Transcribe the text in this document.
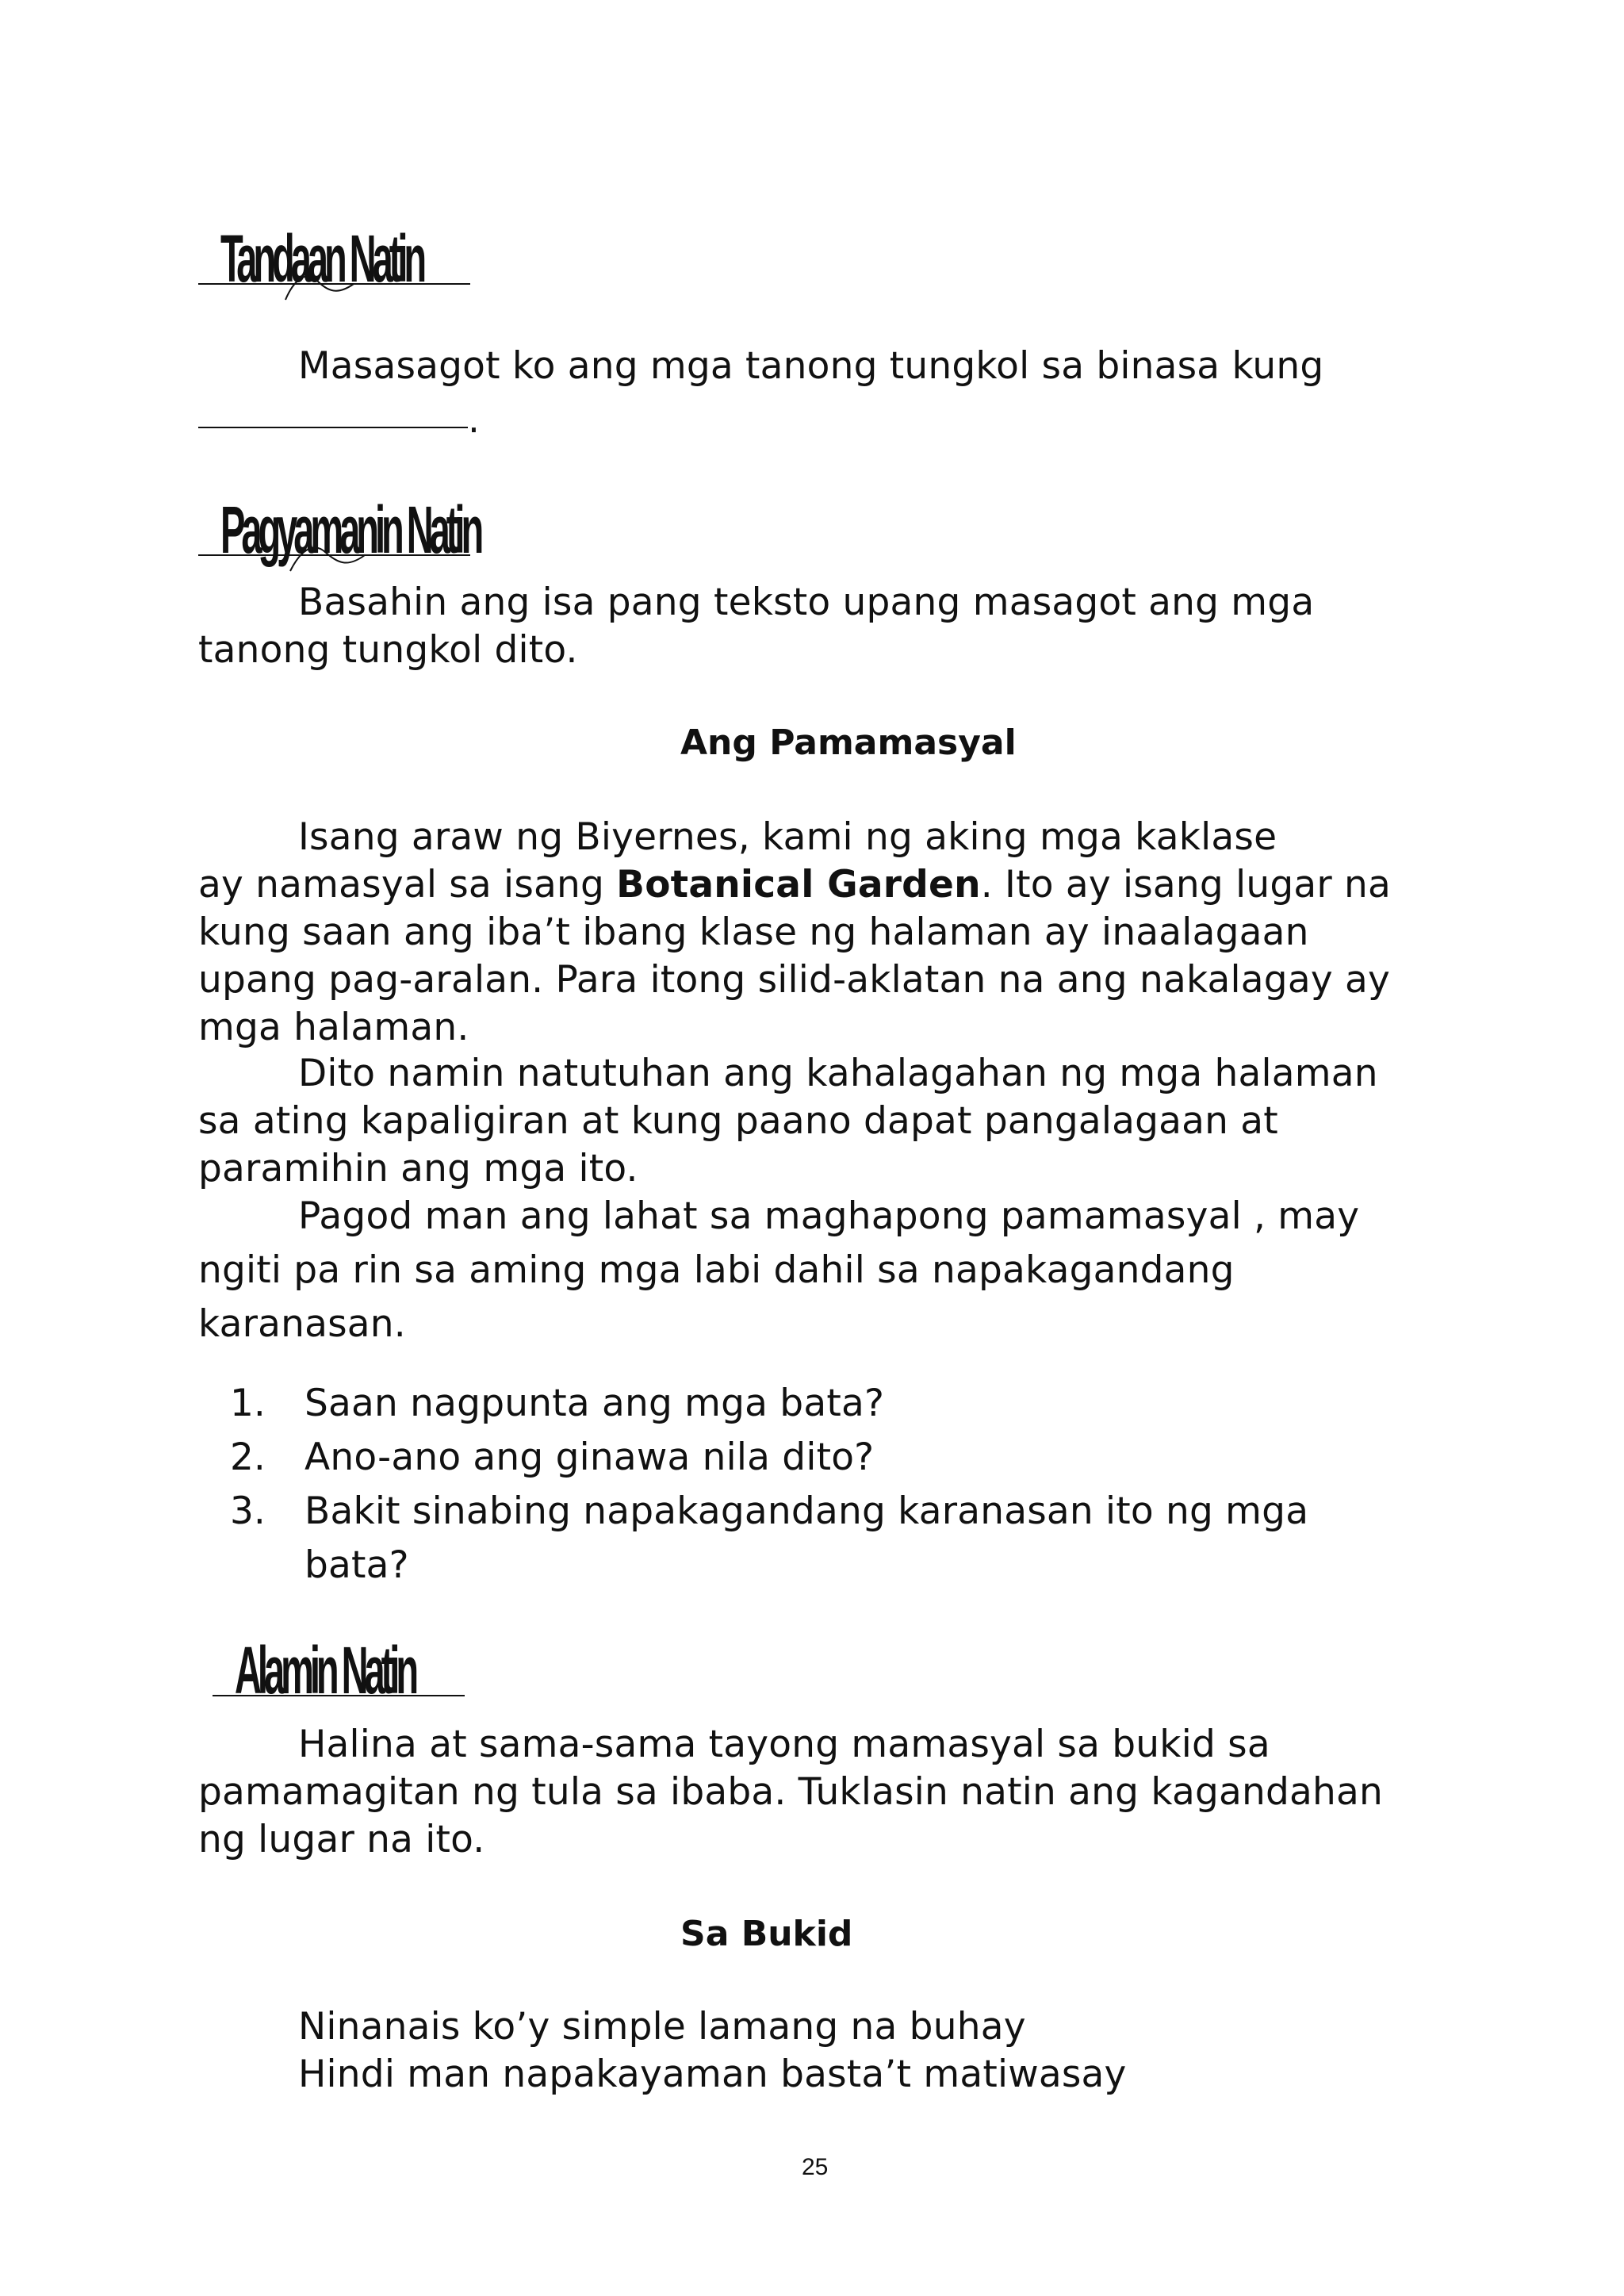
Tandaan Natin
Masasagot ko ang mga tanong tungkol sa binasa kung
.
Pagyamanin Natin
Basahin ang isa pang teksto upang masagot ang mga
tanong tungkol dito.
Ang Pamamasyal
Isang araw ng Biyernes, kami ng aking mga kaklase
ay namasyal sa isang Botanical Garden. Ito ay isang lugar na
kung saan ang iba’t ibang klase ng halaman ay inaalagaan
upang pag-aralan. Para itong silid-aklatan na ang nakalagay ay
mga halaman.
Dito namin natutuhan ang kahalagahan ng mga halaman
sa ating kapaligiran at kung paano dapat pangalagaan at
paramihin ang mga ito.
Pagod man ang lahat sa maghapong pamamasyal , may
ngiti pa rin sa aming mga labi dahil sa napakagandang
karanasan.
1. Saan nagpunta ang mga bata?
2. Ano-ano ang ginawa nila dito?
3. Bakit sinabing napakagandang karanasan ito ng mga
bata?
Alamin Natin
Halina at sama-sama tayong mamasyal sa bukid sa
pamamagitan ng tula sa ibaba. Tuklasin natin ang kagandahan
ng lugar na ito.
Sa Bukid
Ninanais ko’y simple lamang na buhay
Hindi man napakayaman basta’t matiwasay
25
